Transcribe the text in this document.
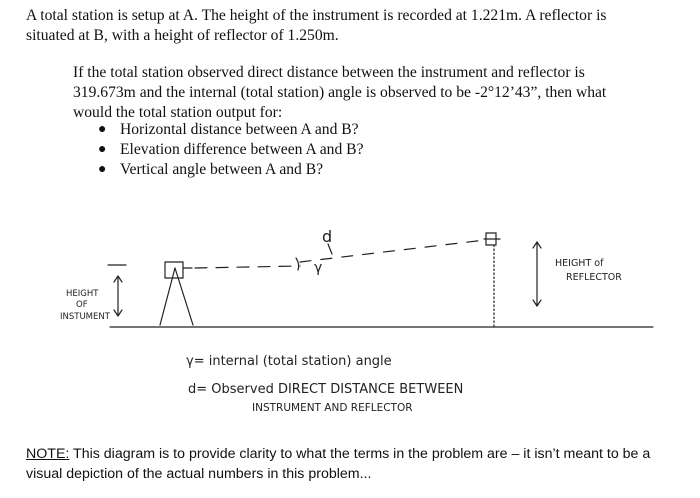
A total station is setup at A. The height of the instrument is recorded at 1.221m. A reflector is situated at B, with a height of reflector of 1.250m.
If the total station observed direct distance between the instrument and reflector is 319.673m and the internal (total station) angle is observed to be -2°12’43”, then what would the total station output for:
● Horizontal distance between A and B?
● Elevation difference between A and B?
● Vertical angle between A and B?
d
γ
HEIGHT
OF
INSTUMENT
HEIGHT of
REFLECTOR
γ= internal (total station) angle
d= Observed DIRECT DISTANCE BETWEEN
INSTRUMENT AND REFLECTOR
NOTE: This diagram is to provide clarity to what the terms in the problem are – it isn’t meant to be a visual depiction of the actual numbers in this problem...
